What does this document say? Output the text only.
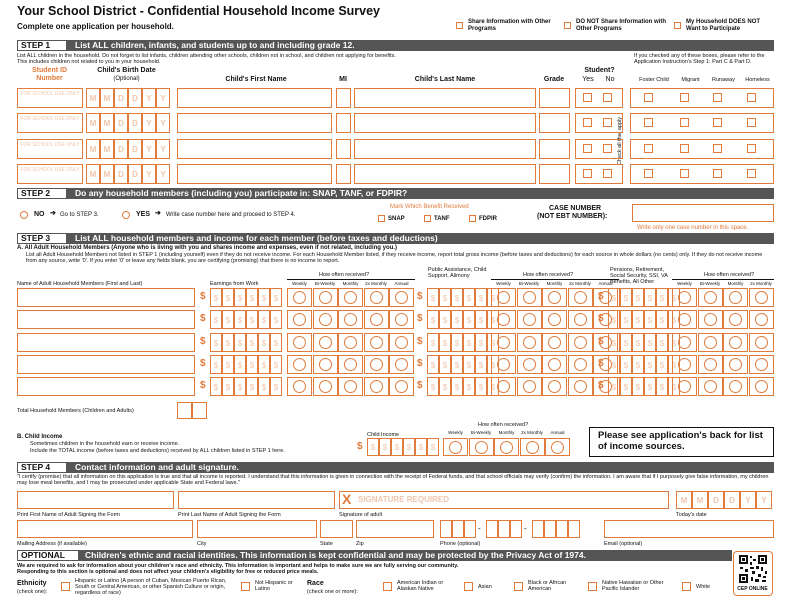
Your School District - Confidential Household Income Survey
Complete one application per household.	Share Information with Other Programs
DO NOT Share Information with Other Programs
My Household DOES NOT Want to Participate
STEP 1	List ALL children, infants, and students up to and including grade 12.
List ALL children in the household. Do not forget to list infants, children attending other schools, children not in school, and children not applying for benefits.
This includes children not related to you in your household.
If you checked any of these boxes, please refer to the Application Instruction's Step 1: Part C & Part D.
Student ID Number
Child's Birth Date
(Optional)	Child's First Name	MI	Child's Last Name	Grade
Student?
Yes	No	Foster Child	Migrant	Runaway	Homeless
Check all that apply
FOR SCHOOL USE ONLY	M M D	D	Y	Y
FOR SCHOOL USE ONLY	M M D	D	Y	Y
FOR SCHOOL USE ONLY	M M D	D	Y	Y
FOR SCHOOL USE ONLY	M M D	D	Y	Y
STEP 2	Do any household members (including you) participate in: SNAP, TANF, or FDPIR?
NO ➔ Go to STEP 3.	YES ➔ Write case number here and proceed to STEP 4.
Mark Which Benefit Received
SNAP	TANF	FDPIR
CASE NUMBER
(NOT EBT NUMBER):
Write only one case number in this space.
STEP 3	List ALL household members and income for each member (before taxes and deductions)
A. All Adult Household Members (Anyone who is living with you and shares income and expenses, even if not related, including you.)
List all Adult Household Members not listed in STEP 1 (including yourself) even if they do not receive income. For each Household Member listed, if they receive income, report total gross income (before taxes and deductions) for each source in whole dollars (no cents) only. If they do not receive income from any source, write '0'. If you enter '0' or leave any fields blank, you are certifying (promising) that there is no income to report.
Name of Adult Household Members (First and Last)	Earnings from Work
Public Assistance, Child Support, Alimony
Pensions, Retirement, Social Security, SSI, VA Benefits, All Other
How often received?
Weekly	Bi-Weekly	Monthly	2x Monthly	Annual
How often received?
Weekly	Bi-Weekly	Monthly	2x Monthly	Annual
How often received?
Weekly	Bi-Weekly	Monthly	2x Monthly
$	$ $ $ $ $ $	$	$ $ $ $ $ $	$	$ $ $ $ $ $
$	$ $ $ $ $ $	$	$ $ $ $ $ $	$	$ $ $ $ $ $
$	$ $ $ $ $ $	$	$ $ $ $ $ $	$	$ $ $ $ $ $
$	$ $ $ $ $ $	$	$ $ $ $ $ $	$	$ $ $ $ $ $
$	$ $ $ $ $ $	$	$ $ $ $ $ $	$	$ $ $ $ $ $
Total Household Members (Children and Adults)
B. Child Income
Sometimes children in the household earn or receive income.
Include the TOTAL income (before taxes and deductions) received by ALL children listed in STEP 1 here.
Child Income
How often received?
$	$ $ $ $ $ $
Weekly	Bi-Weekly	Monthly	2x Monthly	Annual	Please see application's back for list of income sources.
STEP 4	Contact information and adult signature.
"I certify (promise) that all information on this application is true and that all income is reported. I understand that this information is given in connection with the receipt of Federal funds, and that school officials may verify (confirm) the information. I am aware that if I purposely give false information, my children may lose meal benefits, and I may be prosecuted under applicable State and Federal laws."
X SIGNATURE REQUIRED	M	M	D	D	Y	Y
Print First Name of Adult Signing the Form	Print Last Name of Adult Signing the Form	Signature of adult	Today's date
-	-
Mailing Address (if available)	City	State	Zip	Phone (optional)	Email (optional)
OPTIONAL	Children's ethnic and racial identities. This information is kept confidential and may be protected by the Privacy Act of 1974.
We are required to ask for information about your children's race and ethnicity. This information is important and helps to make sure we are fully serving our community.
Responding to this section is optional and does not affect your children's eligibility for free or reduced price meals.
Ethnicity
(check one):
Hispanic or Latino (A person of Cuban, Mexican Puerto Rican, South or Central American, or other Spanish Culture or origin, regardless of race)
Not Hispanic or Latino
Race
(check one or more):
American Indian or Alaskan Native	Asian
Black or African American
Native Hawaiian or Other Pacific Islander	White	CEP ONLINE
